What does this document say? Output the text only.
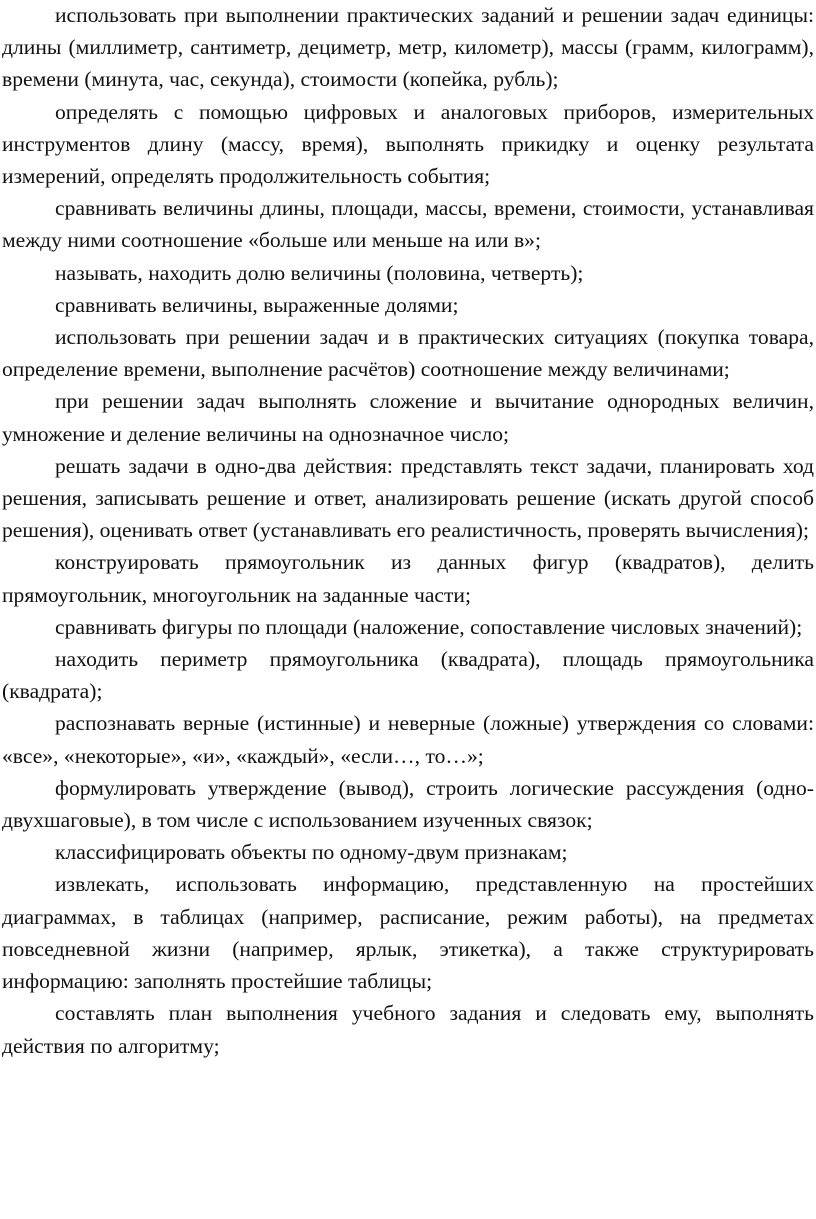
использовать при выполнении практических заданий и решении задач единицы: длины (миллиметр, сантиметр, дециметр, метр, километр), массы (грамм, килограмм), времени (минута, час, секунда), стоимости (копейка, рубль);

определять с помощью цифровых и аналоговых приборов, измерительных инструментов длину (массу, время), выполнять прикидку и оценку результата измерений, определять продолжительность события;

сравнивать величины длины, площади, массы, времени, стоимости, устанавливая между ними соотношение «больше или меньше на или в»;

называть, находить долю величины (половина, четверть);

сравнивать величины, выраженные долями;

использовать при решении задач и в практических ситуациях (покупка товара, определение времени, выполнение расчётов) соотношение между величинами;

при решении задач выполнять сложение и вычитание однородных величин, умножение и деление величины на однозначное число;

решать задачи в одно-два действия: представлять текст задачи, планировать ход решения, записывать решение и ответ, анализировать решение (искать другой способ решения), оценивать ответ (устанавливать его реалистичность, проверять вычисления);

конструировать прямоугольник из данных фигур (квадратов), делить прямоугольник, многоугольник на заданные части;

сравнивать фигуры по площади (наложение, сопоставление числовых значений);

находить периметр прямоугольника (квадрата), площадь прямоугольника (квадрата);

распознавать верные (истинные) и неверные (ложные) утверждения со словами: «все», «некоторые», «и», «каждый», «если…, то…»;

формулировать утверждение (вывод), строить логические рассуждения (одно-двухшаговые), в том числе с использованием изученных связок;

классифицировать объекты по одному-двум признакам;

извлекать, использовать информацию, представленную на простейших диаграммах, в таблицах (например, расписание, режим работы), на предметах повседневной жизни (например, ярлык, этикетка), а также структурировать информацию: заполнять простейшие таблицы;

составлять план выполнения учебного задания и следовать ему, выполнять действия по алгоритму;
